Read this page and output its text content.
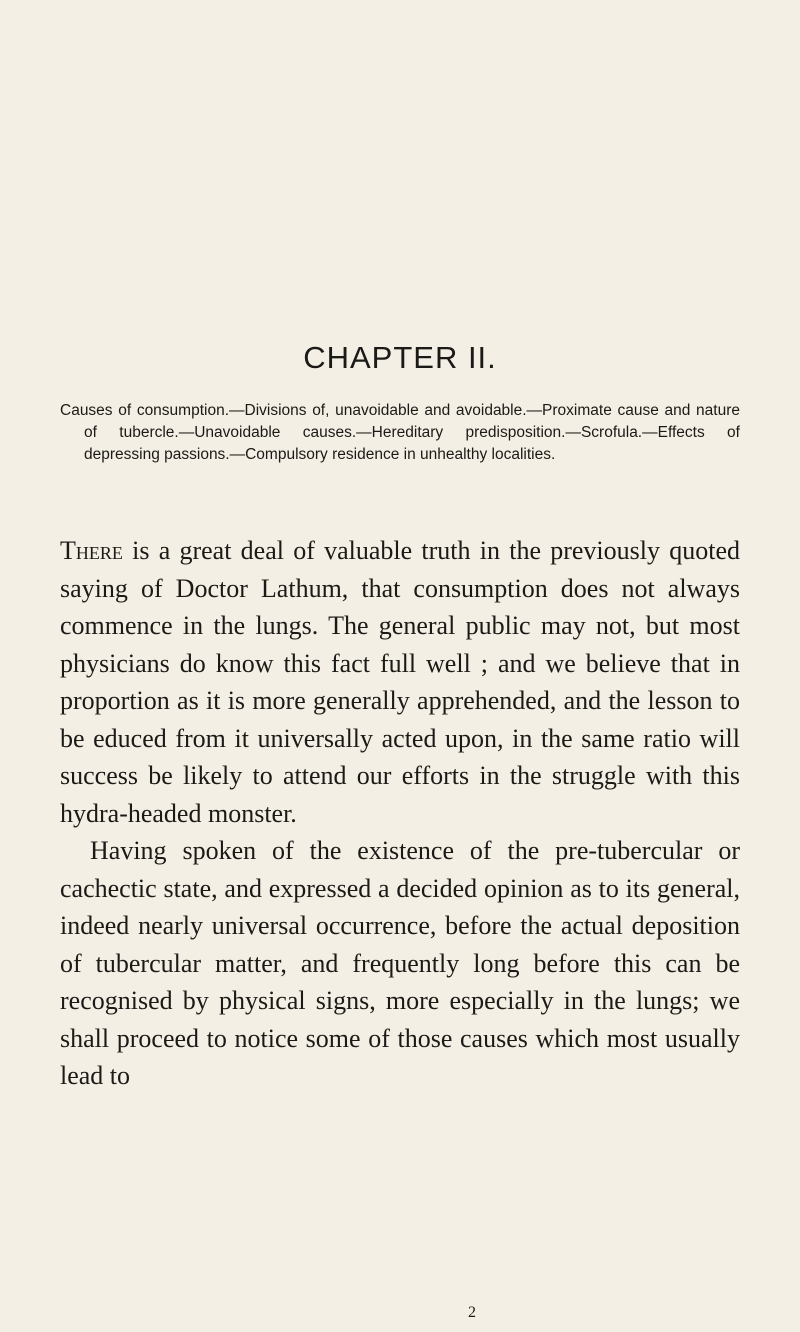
CHAPTER II.

Causes of consumption.—Divisions of, unavoidable and avoidable.—Proximate cause and nature of tubercle.—Unavoidable causes.—Hereditary predisposition.—Scrofula.—Effects of depressing passions.—Compulsory residence in unhealthy localities.

There is a great deal of valuable truth in the previously quoted saying of Doctor Lathum, that consumption does not always commence in the lungs. The general public may not, but most physicians do know this fact full well ; and we believe that in proportion as it is more generally apprehended, and the lesson to be educed from it universally acted upon, in the same ratio will success be likely to attend our efforts in the struggle with this hydra-headed monster.

Having spoken of the existence of the pre-tubercular or cachectic state, and expressed a decided opinion as to its general, indeed nearly universal occurrence, before the actual deposition of tubercular matter, and frequently long before this can be recognised by physical signs, more especially in the lungs; we shall proceed to notice some of those causes which most usually lead to

2
